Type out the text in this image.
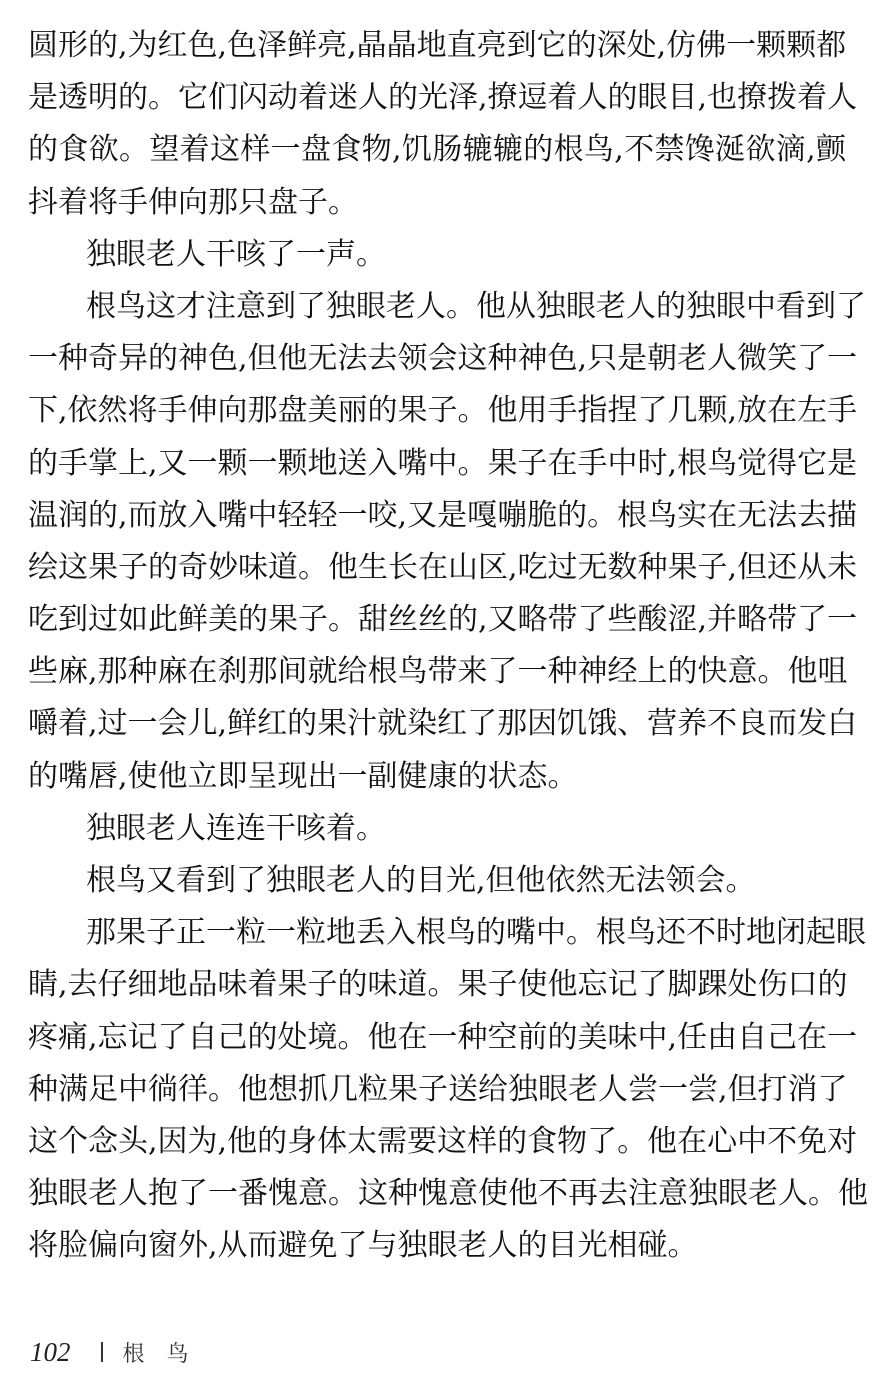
圆形的,为红色,色泽鲜亮,晶晶地直亮到它的深处,仿佛一颗颗都
是透明的。它们闪动着迷人的光泽,撩逗着人的眼目,也撩拨着人
的食欲。望着这样一盘食物,饥肠辘辘的根鸟,不禁馋涎欲滴,颤
抖着将手伸向那只盘子。
独眼老人干咳了一声。
根鸟这才注意到了独眼老人。他从独眼老人的独眼中看到了
一种奇异的神色,但他无法去领会这种神色,只是朝老人微笑了一
下,依然将手伸向那盘美丽的果子。他用手指捏了几颗,放在左手
的手掌上,又一颗一颗地送入嘴中。果子在手中时,根鸟觉得它是
温润的,而放入嘴中轻轻一咬,又是嘎嘣脆的。根鸟实在无法去描
绘这果子的奇妙味道。他生长在山区,吃过无数种果子,但还从未
吃到过如此鲜美的果子。甜丝丝的,又略带了些酸涩,并略带了一
些麻,那种麻在刹那间就给根鸟带来了一种神经上的快意。他咀
嚼着,过一会儿,鲜红的果汁就染红了那因饥饿、营养不良而发白
的嘴唇,使他立即呈现出一副健康的状态。
独眼老人连连干咳着。
根鸟又看到了独眼老人的目光,但他依然无法领会。
那果子正一粒一粒地丢入根鸟的嘴中。根鸟还不时地闭起眼
睛,去仔细地品味着果子的味道。果子使他忘记了脚踝处伤口的
疼痛,忘记了自己的处境。他在一种空前的美味中,任由自己在一
种满足中徜徉。他想抓几粒果子送给独眼老人尝一尝,但打消了
这个念头,因为,他的身体太需要这样的食物了。他在心中不免对
独眼老人抱了一番愧意。这种愧意使他不再去注意独眼老人。他
将脸偏向窗外,从而避免了与独眼老人的目光相碰。
102 根鸟
